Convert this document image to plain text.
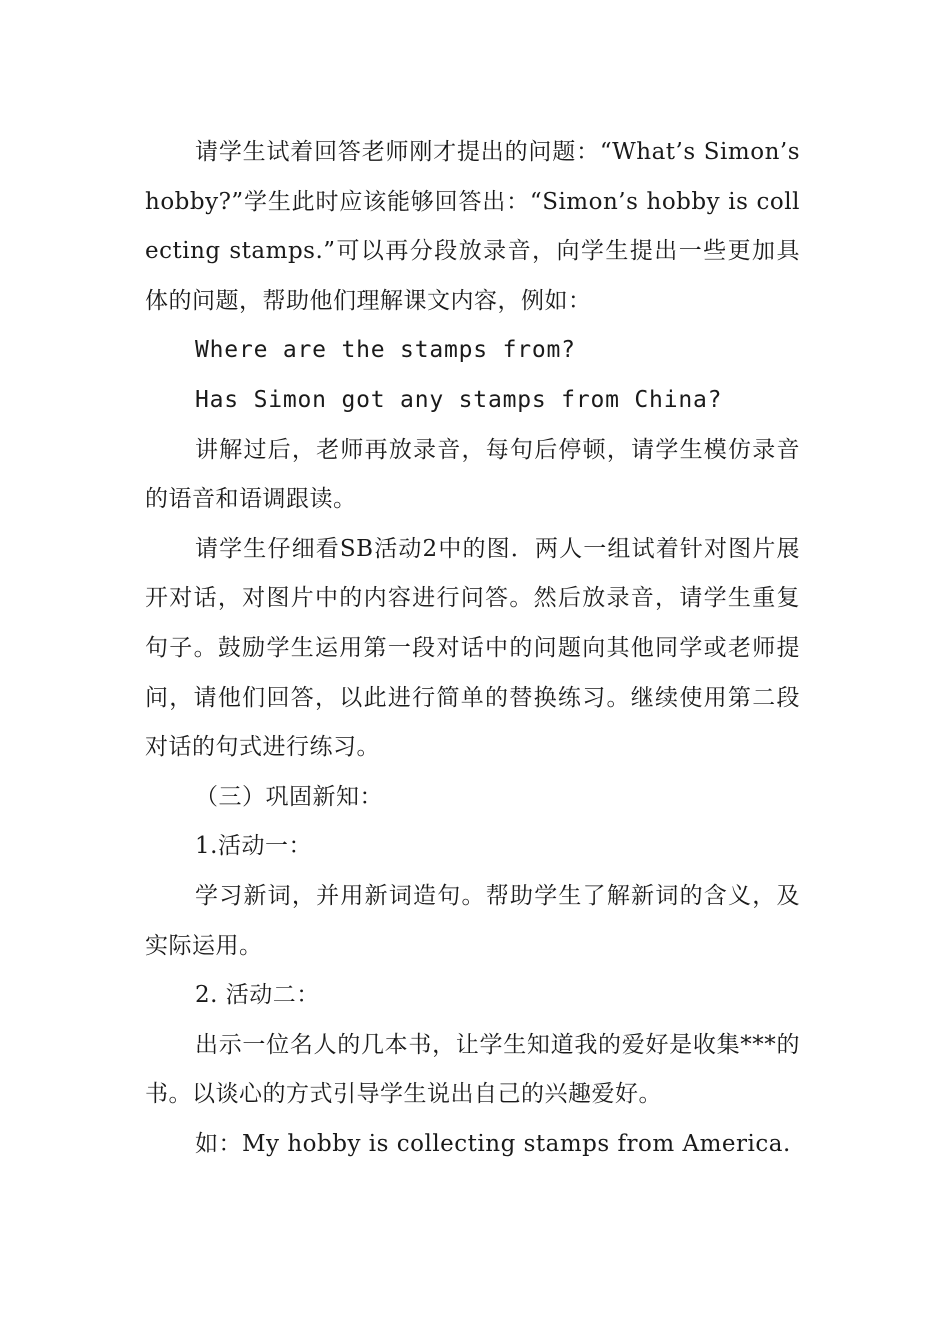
请学生试着回答老师刚才提出的问题：“What’s Simon’s hobby?”学生此时应该能够回答出：“Simon’s hobby is collecting stamps.”可以再分段放录音，向学生提出一些更加具体的问题，帮助他们理解课文内容，例如：

Where are the stamps from?

Has Simon got any stamps from China?

讲解过后，老师再放录音，每句后停顿，请学生模仿录音的语音和语调跟读。

请学生仔细看SB活动2中的图．两人一组试着针对图片展开对话，对图片中的内容进行问答。然后放录音，请学生重复句子。鼓励学生运用第一段对话中的问题向其他同学或老师提问，请他们回答，以此进行简单的替换练习。继续使用第二段对话的句式进行练习。

（三）巩固新知：

1.活动一：

学习新词，并用新词造句。帮助学生了解新词的含义，及实际运用。

2. 活动二：

出示一位名人的几本书，让学生知道我的爱好是收集***的书。以谈心的方式引导学生说出自己的兴趣爱好。

如：My hobby is collecting stamps from America.
